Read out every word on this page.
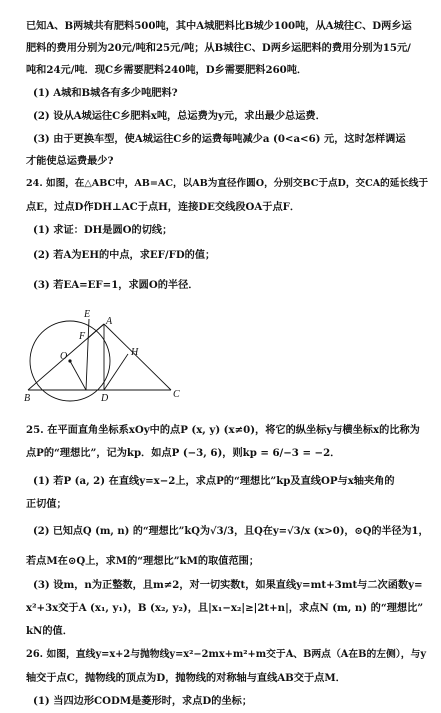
已知A、B两城共有肥料500吨，其中A城肥料比B城少100吨，从A城往C、D两乡运
肥料的费用分别为20元/吨和25元/吨；从B城往C、D两乡运肥料的费用分别为15元/
吨和24元/吨．现C乡需要肥料240吨，D乡需要肥料260吨．
(1) A城和B城各有多少吨肥料?
(2) 设从A城运往C乡肥料x吨，总运费为y元，求出最少总运费．
(3) 由于更换车型，使A城运往C乡的运费每吨减少a (0<a<6) 元，这时怎样调运
才能使总运费最少?
24. 如图，在△ABC中，AB=AC，以AB为直径作圆O，分别交BC于点D，交CA的延长线于
点E，过点D作DH⊥AC于点H，连接DE交线段OA于点F．
(1) 求证：DH是圆O的切线；
(2) 若A为EH的中点，求EF/FD的值；
(3) 若EA=EF=1，求圆O的半径．
E
A
F
H
O
B	D	C
25. 在平面直角坐标系xOy中的点P (x, y) (x≠0)，将它的纵坐标y与横坐标x的比称为
点P的“理想比”，记为kp．如点P (−3, 6)，则kp = 6/−3 = −2．
(1) 若P (a, 2) 在直线y=x−2上，求点P的“理想比”kp及直线OP与x轴夹角的
正切值；
(2) 已知点Q (m, n) 的“理想比”kQ为√3/3，且Q在y=√3/x (x>0)，⊙Q的半径为1，
若点M在⊙Q上，求M的“理想比”kM的取值范围；
(3) 设m，n为正整数，且m≠2，对一切实数t，如果直线y=mt+3mt与二次函数y=
x²+3x交于A (x₁, y₁)，B (x₂, y₂)，且|x₁−x₂|≥|2t+n|，求点N (m, n) 的“理想比”
kN的值．
26. 如图，直线y=x+2与抛物线y=x²−2mx+m²+m交于A、B两点（A在B的左侧），与y
轴交于点C，抛物线的顶点为D，抛物线的对称轴与直线AB交于点M．
(1) 当四边形CODM是菱形时，求点D的坐标；
